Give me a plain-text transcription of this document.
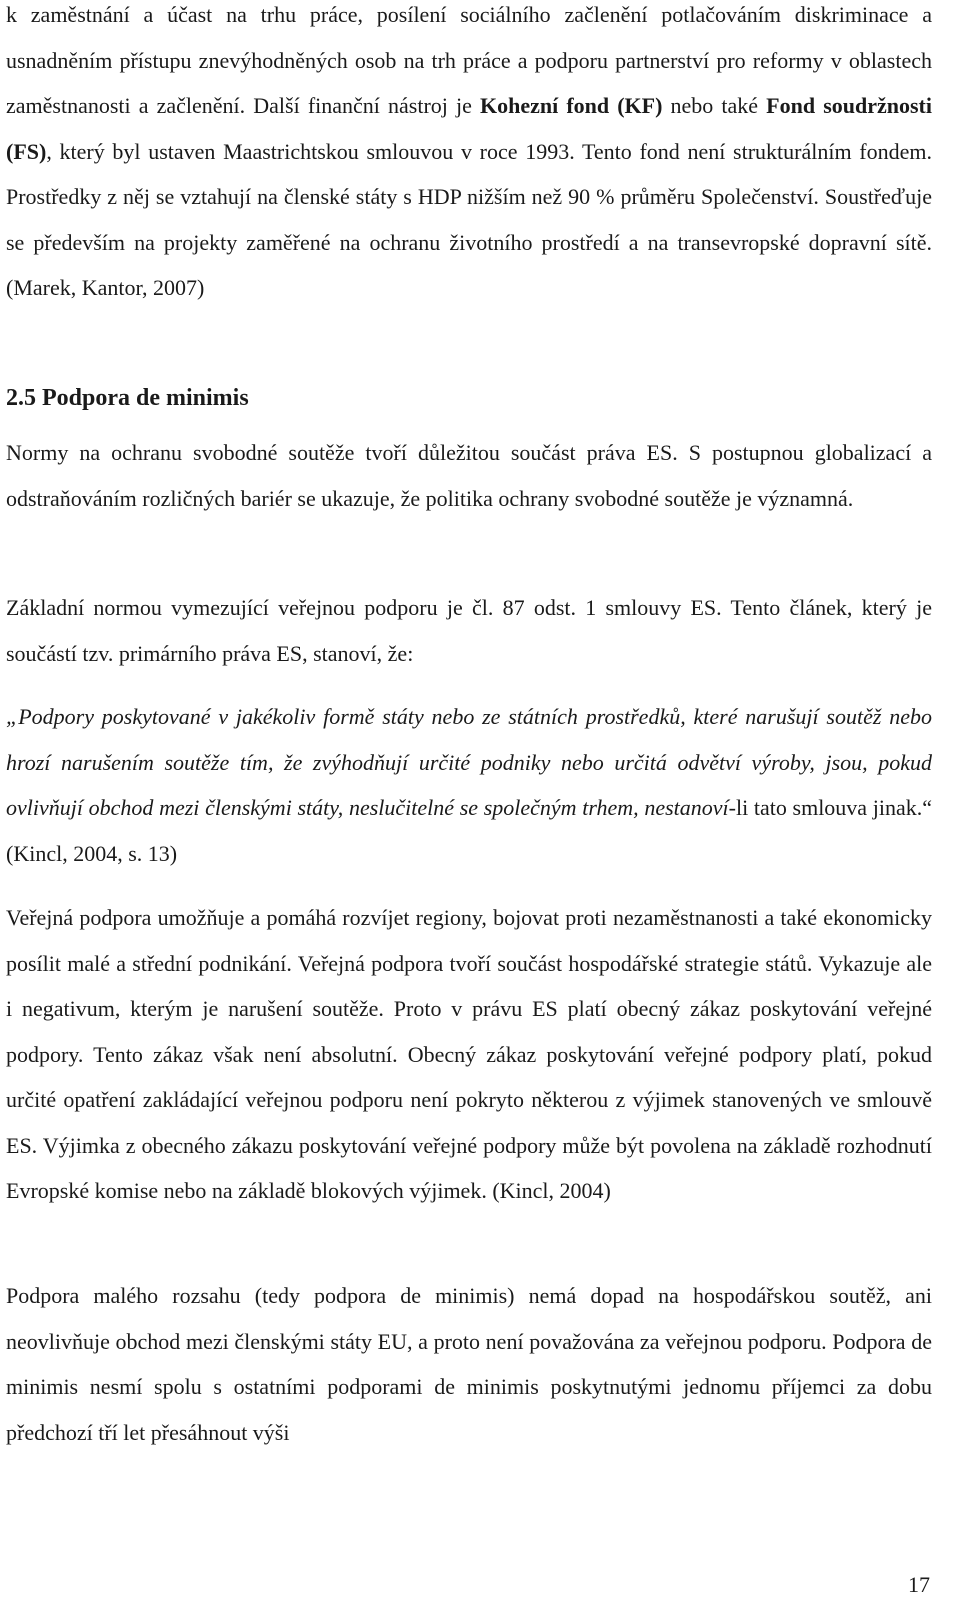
k zaměstnání a účast na trhu práce, posílení sociálního začlenění potlačováním diskriminace a usnadněním přístupu znevýhodněných osob na trh práce a podporu partnerství pro reformy v oblastech zaměstnanosti a začlenění. Další finanční nástroj je Kohezní fond (KF) nebo také Fond soudržnosti (FS), který byl ustaven Maastrichtskou smlouvou v roce 1993. Tento fond není strukturálním fondem. Prostředky z něj se vztahují na členské státy s HDP nižším než 90 % průměru Společenství. Soustřeďuje se především na projekty zaměřené na ochranu životního prostředí a na transevropské dopravní sítě. (Marek, Kantor, 2007)

2.5 Podpora de minimis

Normy na ochranu svobodné soutěže tvoří důležitou součást práva ES. S postupnou globalizací a odstraňováním rozličných bariér se ukazuje, že politika ochrany svobodné soutěže je významná.

Základní normou vymezující veřejnou podporu je čl. 87 odst. 1 smlouvy ES. Tento článek, který je součástí tzv. primárního práva ES, stanoví, že:

„Podpory poskytované v jakékoliv formě státy nebo ze státních prostředků, které narušují soutěž nebo hrozí narušením soutěže tím, že zvýhodňují určité podniky nebo určitá odvětví výroby, jsou, pokud ovlivňují obchod mezi členskými státy, neslučitelné se společným trhem, nestanoví-li tato smlouva jinak.“ (Kincl, 2004, s. 13)

Veřejná podpora umožňuje a pomáhá rozvíjet regiony, bojovat proti nezaměstnanosti a také ekonomicky posílit malé a střední podnikání. Veřejná podpora tvoří součást hospodářské strategie států. Vykazuje ale i negativum, kterým je narušení soutěže. Proto v právu ES platí obecný zákaz poskytování veřejné podpory. Tento zákaz však není absolutní. Obecný zákaz poskytování veřejné podpory platí, pokud určité opatření zakládající veřejnou podporu není pokryto některou z výjimek stanovených ve smlouvě ES. Výjimka z obecného zákazu poskytování veřejné podpory může být povolena na základě rozhodnutí Evropské komise nebo na základě blokových výjimek. (Kincl, 2004)

Podpora malého rozsahu (tedy podpora de minimis) nemá dopad na hospodářskou soutěž, ani neovlivňuje obchod mezi členskými státy EU, a proto není považována za veřejnou podporu. Podpora de minimis nesmí spolu s ostatními podporami de minimis poskytnutými jednomu příjemci za dobu předchozí tří let přesáhnout výši

17
